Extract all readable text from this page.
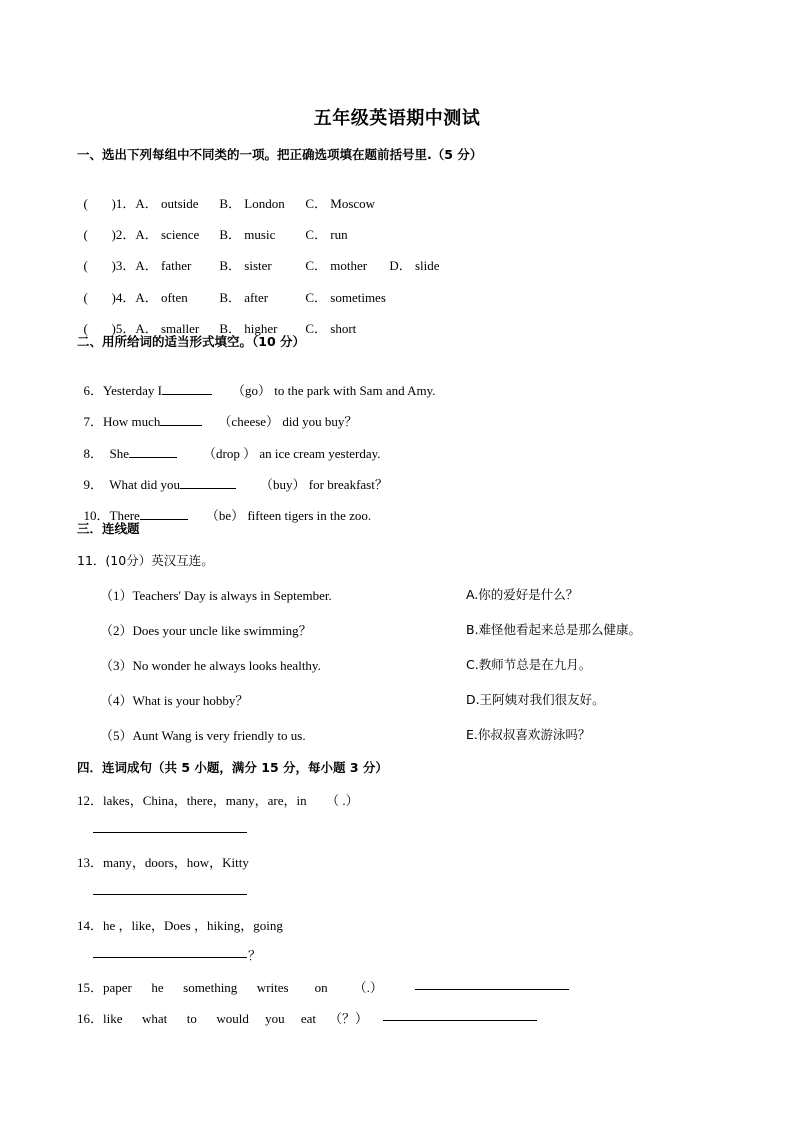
五年级英语期中测试
一、选出下列每组中不同类的一项。把正确选项填在题前括号里.（5 分）

( )1．A． outside B． London C． Moscow

( )2．A． science B． music C． run

( )3．A． father B． sister	C． mother D． slide

( )4．A． often B． after	C． sometimes

( )5．A． smaller B． higher C． short

二、用所给词的适当形式填空。（10 分）

6．Yesterday I	（go） to the park with Sam and Amy.

7．How much	（cheese） did you buy？

8．  She	（drop ） an ice cream yesterday.

9．  What did you	（buy） for breakfast？

10．There	（be） fifteen tigers in the zoo.

三．连线题
11．(10分）英汉互连。
（1）Teachers' Day is always in September.
（2）Does your uncle like swimming？
（3）No wonder he always looks healthy.
（4）What is your hobby？
（5）Aunt Wang is very friendly to us.
A.你的爱好是什么？
B.难怪他看起来总是那么健康。
C.教师节总是在九月。
D.王阿姨对我们很友好。
E.你叔叔喜欢游泳吗？
四．连词成句（共 5 小题，满分 15 分，每小题 3 分）
12．lakes，China，there，many，are，in      （ .）
13．many，doors，how，Kitty
14．he ，like，Does ，hiking，going
？
15．paper      he      something      writes        on        （.）
16．like      what      to      would     you     eat    （？）
